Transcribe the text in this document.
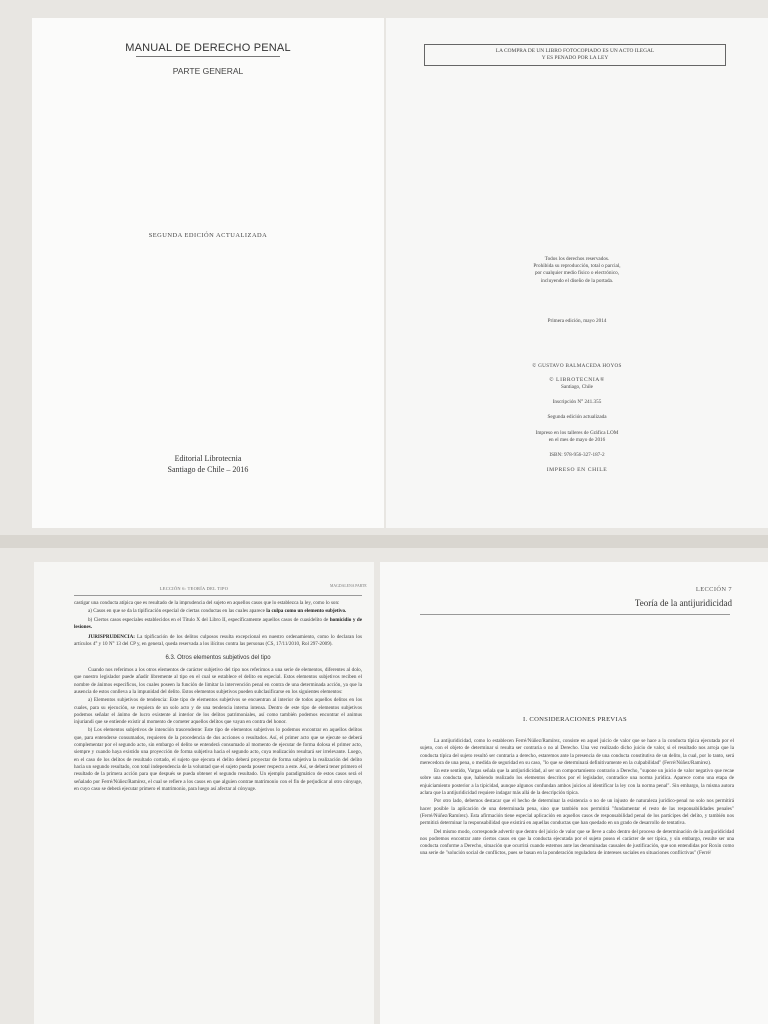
MANUAL DE DERECHO PENAL
PARTE GENERAL
SEGUNDA EDICIÓN ACTUALIZADA
Editorial Librotecnia
Santiago de Chile – 2016
LA COMPRA DE UN LIBRO FOTOCOPIADO ES UN ACTO ILEGAL
Y ES PENADO POR LA LEY
Todos los derechos reservados.
Prohibida su reproducción, total o parcial,
por cualquier medio físico o electrónico,
incluyendo el diseño de la portada.
Primera edición, mayo 2014
© GUSTAVO BALMACEDA HOYOS
© LIBROTECNIA®
Santiago, Chile
Inscripción N° 241.355
Segunda edición actualizada
Impreso en los talleres de Gráfica LOM
en el mes de mayo de 2016
ISBN: 978-956-327-187-2
IMPRESO EN CHILE
LECCIÓN 6: TEORÍA DEL TIPO	MAGDALENA PARTE

castigar una conducta atípica que es resultado de la imprudencia del sujeto en aquellos casos que lo establezca la ley, como lo son:

a) Casos en que se da la tipificación especial de ciertas conductas en las cuales aparece la culpa como un elemento subjetivo.

b) Ciertos casos especiales establecidos en el Título X del Libro II, específicamente aquellos casos de cuasidelito de homicidio y de lesiones.

JURISPRUDENCIA: La tipificación de los delitos culposos resulta excepcional en nuestro ordenamiento, como lo declaran los artículos 4° y 10 N° 13 del CP y, en general, queda reservada a los ilícitos contra las personas (CS, 17/11/2010, Rol 297-2009).

6.3. Otros elementos subjetivos del tipo

Cuando nos referimos a los otros elementos de carácter subjetivo del tipo nos referimos a una serie de elementos, diferentes al dolo, que nuestro legislador puede añadir libremente al tipo en el cual se establece el delito en especial. Estos elementos subjetivos reciben el nombre de ánimos específicos, los cuales poseen la función de limitar la intervención penal en contra de una determinada acción, ya que la ausencia de estos conlleva a la impunidad del delito. Estos elementos subjetivos pueden subclasificarse en los siguientes elementos:

a) Elementos subjetivos de tendencia: Este tipo de elementos subjetivos se encuentran al interior de todos aquellos delitos en los cuales, para su ejecución, se requiera de un solo acto y de una tendencia interna intensa. Dentro de este tipo de elementos subjetivos podemos señalar el ánimo de lucro existente al interior de los delitos patrimoniales, así como también podemos encontrar el animus injuriandi que se entiende existir al momento de cometer aquellos delitos que vayan en contra del honor.

b) Los elementos subjetivos de intención trascendente: Este tipo de elementos subjetivos lo podemos encontrar en aquellos delitos que, para entenderse consumados, requieren de la procedencia de dos acciones o resultados. Así, el primer acto que se ejecute se deberá complementar por el segundo acto, sin embargo el delito se entenderá consumado al momento de ejecutar de forma dolosa el primer acto, siempre y cuando haya existido una proyección de forma subjetiva hacia el segundo acto, cuya realización resultará ser irrelevante. Luego, en el caso de los delitos de resultado cortado, el sujeto que ejecuta el delito deberá proyectar de forma subjetiva la realización del delito hacia un segundo resultado, con total independencia de la voluntad que el sujeto pueda poseer respecto a este. Así, se deberá tener primero el resultado de la primera acción para que después se pueda obtener el segundo resultado. Un ejemplo paradigmático de estos casos será el señalado por Ferré/Núñez/Ramírez, el cual se refiere a los casos en que alguien contrae matrimonio con el fin de perjudicar al otro cónyuge, en cuyo caso se deberá ejecutar primero el matrimonio, para luego así afectar al cónyuge.

LECCIÓN 7
Teoría de la antijuridicidad
I. CONSIDERACIONES PREVIAS

La antijuridicidad, como lo establecen Ferré/Núñez/Ramírez, consiste en aquel juicio de valor que se hace a la conducta típica ejecutada por el sujeto, con el objeto de determinar si resulta ser contraria o no al Derecho. Una vez realizado dicho juicio de valor, si el resultado nos arroja que la conducta típica del sujeto resultó ser contraria a derecho, estaremos ante la presencia de una conducta constitutiva de un delito, la cual, por lo tanto, será merecedora de una pena, o medida de seguridad en su caso, "lo que se determinará definitivamente en la culpabilidad" (Ferré/Núñez/Ramírez).

En este sentido, Vargas señala que la antijuridicidad, al ser un comportamiento contrario a Derecho, "supone un juicio de valor negativo que recae sobre una conducta que, habiendo realizado los elementos descritos por el legislador, contradice una norma jurídica. Aparece como una etapa de enjuiciamiento posterior a la tipicidad, aunque algunos confundan ambos juicios al identificar la ley con la norma penal". Sin embargo, la misma autora aclara que la antijuridicidad requiere indagar más allá de la descripción típica.

Por otro lado, debemos destacar que el hecho de determinar la existencia o no de un injusto de naturaleza jurídico-penal no solo nos permitirá hacer posible la aplicación de una determinada pena, sino que también nos permitirá "fundamentar el resto de las responsabilidades penales" (Ferré/Núñez/Ramírez). Esta afirmación tiene especial aplicación en aquellos casos de responsabilidad penal de los partícipes del delito, y también nos permitirá determinar la responsabilidad que existirá en aquellas conductas que han quedado en un grado de desarrollo de tentativa.

Del mismo modo, corresponde advertir que dentro del juicio de valor que se lleve a cabo dentro del proceso de determinación de la antijuridicidad nos podremos encontrar ante ciertos casos en que la conducta ejecutada por el sujeto posea el carácter de ser típica, y sin embargo, resulte ser una conducta conforme a Derecho, situación que ocurrirá cuando estemos ante las denominadas causales de justificación, que son entendidas por Roxin como una serie de "solución social de conflictos, pues se basan en la ponderación reguladora de intereses sociales en situaciones conflictivas" (Ferré/
